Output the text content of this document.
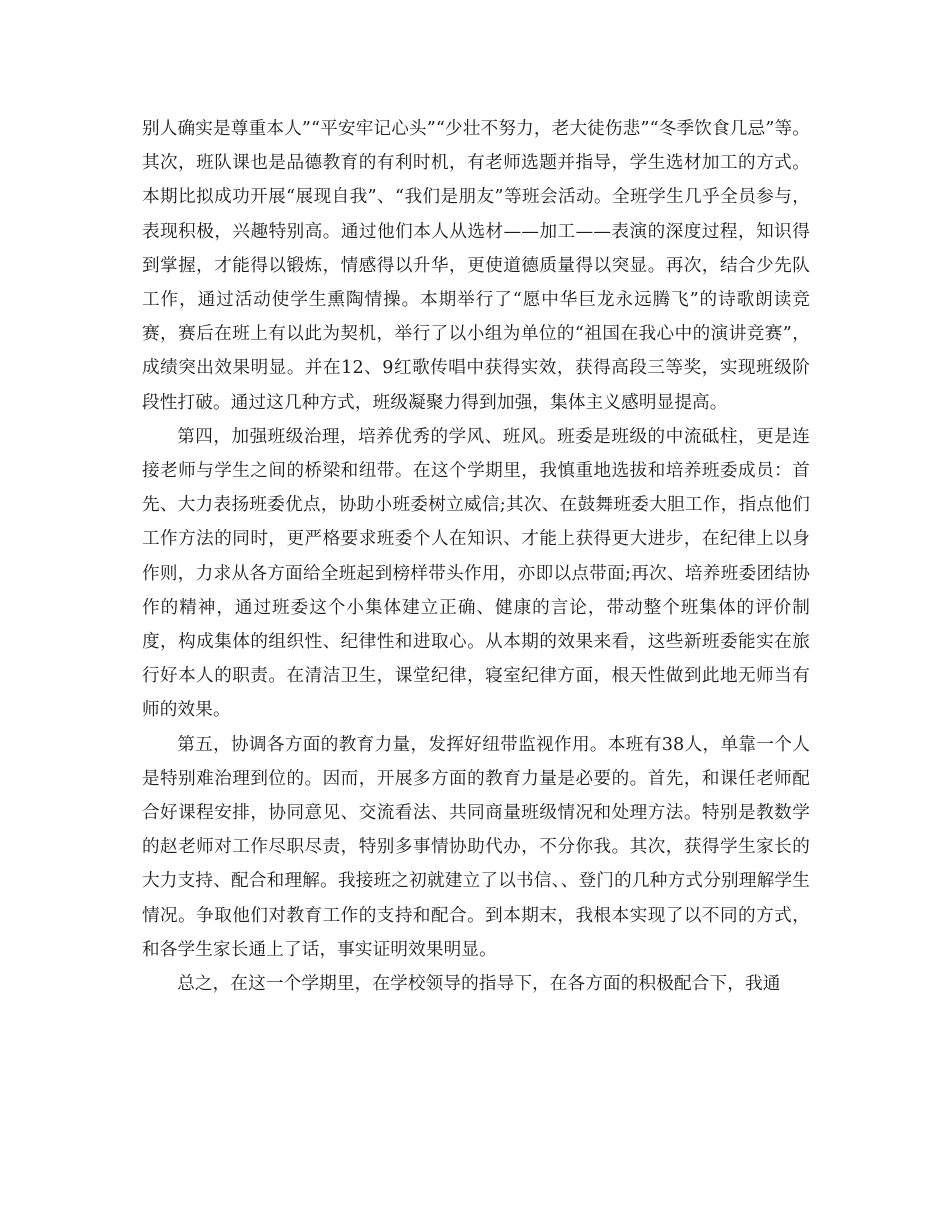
别人确实是尊重本人”“平安牢记心头”“少壮不努力，老大徒伤悲”“冬季饮食几忌”等。其次，班队课也是品德教育的有利时机，有老师选题并指导，学生选材加工的方式。本期比拟成功开展“展现自我”、“我们是朋友”等班会活动。全班学生几乎全员参与，表现积极，兴趣特别高。通过他们本人从选材——加工——表演的深度过程，知识得到掌握，才能得以锻炼，情感得以升华，更使道德质量得以突显。再次，结合少先队工作，通过活动使学生熏陶情操。本期举行了“愿中华巨龙永远腾飞”的诗歌朗读竞赛，赛后在班上有以此为契机，举行了以小组为单位的“祖国在我心中的演讲竞赛”，成绩突出效果明显。并在12、9红歌传唱中获得实效，获得高段三等奖，实现班级阶段性打破。通过这几种方式，班级凝聚力得到加强，集体主义感明显提高。

第四，加强班级治理，培养优秀的学风、班风。班委是班级的中流砥柱，更是连接老师与学生之间的桥梁和纽带。在这个学期里，我慎重地选拔和培养班委成员：首先、大力表扬班委优点，协助小班委树立威信;其次、在鼓舞班委大胆工作，指点他们工作方法的同时，更严格要求班委个人在知识、才能上获得更大进步，在纪律上以身作则，力求从各方面给全班起到榜样带头作用，亦即以点带面;再次、培养班委团结协作的精神，通过班委这个小集体建立正确、健康的言论，带动整个班集体的评价制度，构成集体的组织性、纪律性和进取心。从本期的效果来看，这些新班委能实在旅行好本人的职责。在清洁卫生，课堂纪律，寝室纪律方面，根天性做到此地无师当有师的效果。

第五，协调各方面的教育力量，发挥好纽带监视作用。本班有38人，单靠一个人是特别难治理到位的。因而，开展多方面的教育力量是必要的。首先，和课任老师配合好课程安排，协同意见、交流看法、共同商量班级情况和处理方法。特别是教数学的赵老师对工作尽职尽责，特别多事情协助代办，不分你我。其次，获得学生家长的大力支持、配合和理解。我接班之初就建立了以书信、、登门的几种方式分别理解学生情况。争取他们对教育工作的支持和配合。到本期末，我根本实现了以不同的方式，和各学生家长通上了话，事实证明效果明显。

总之，在这一个学期里，在学校领导的指导下，在各方面的积极配合下，我通
